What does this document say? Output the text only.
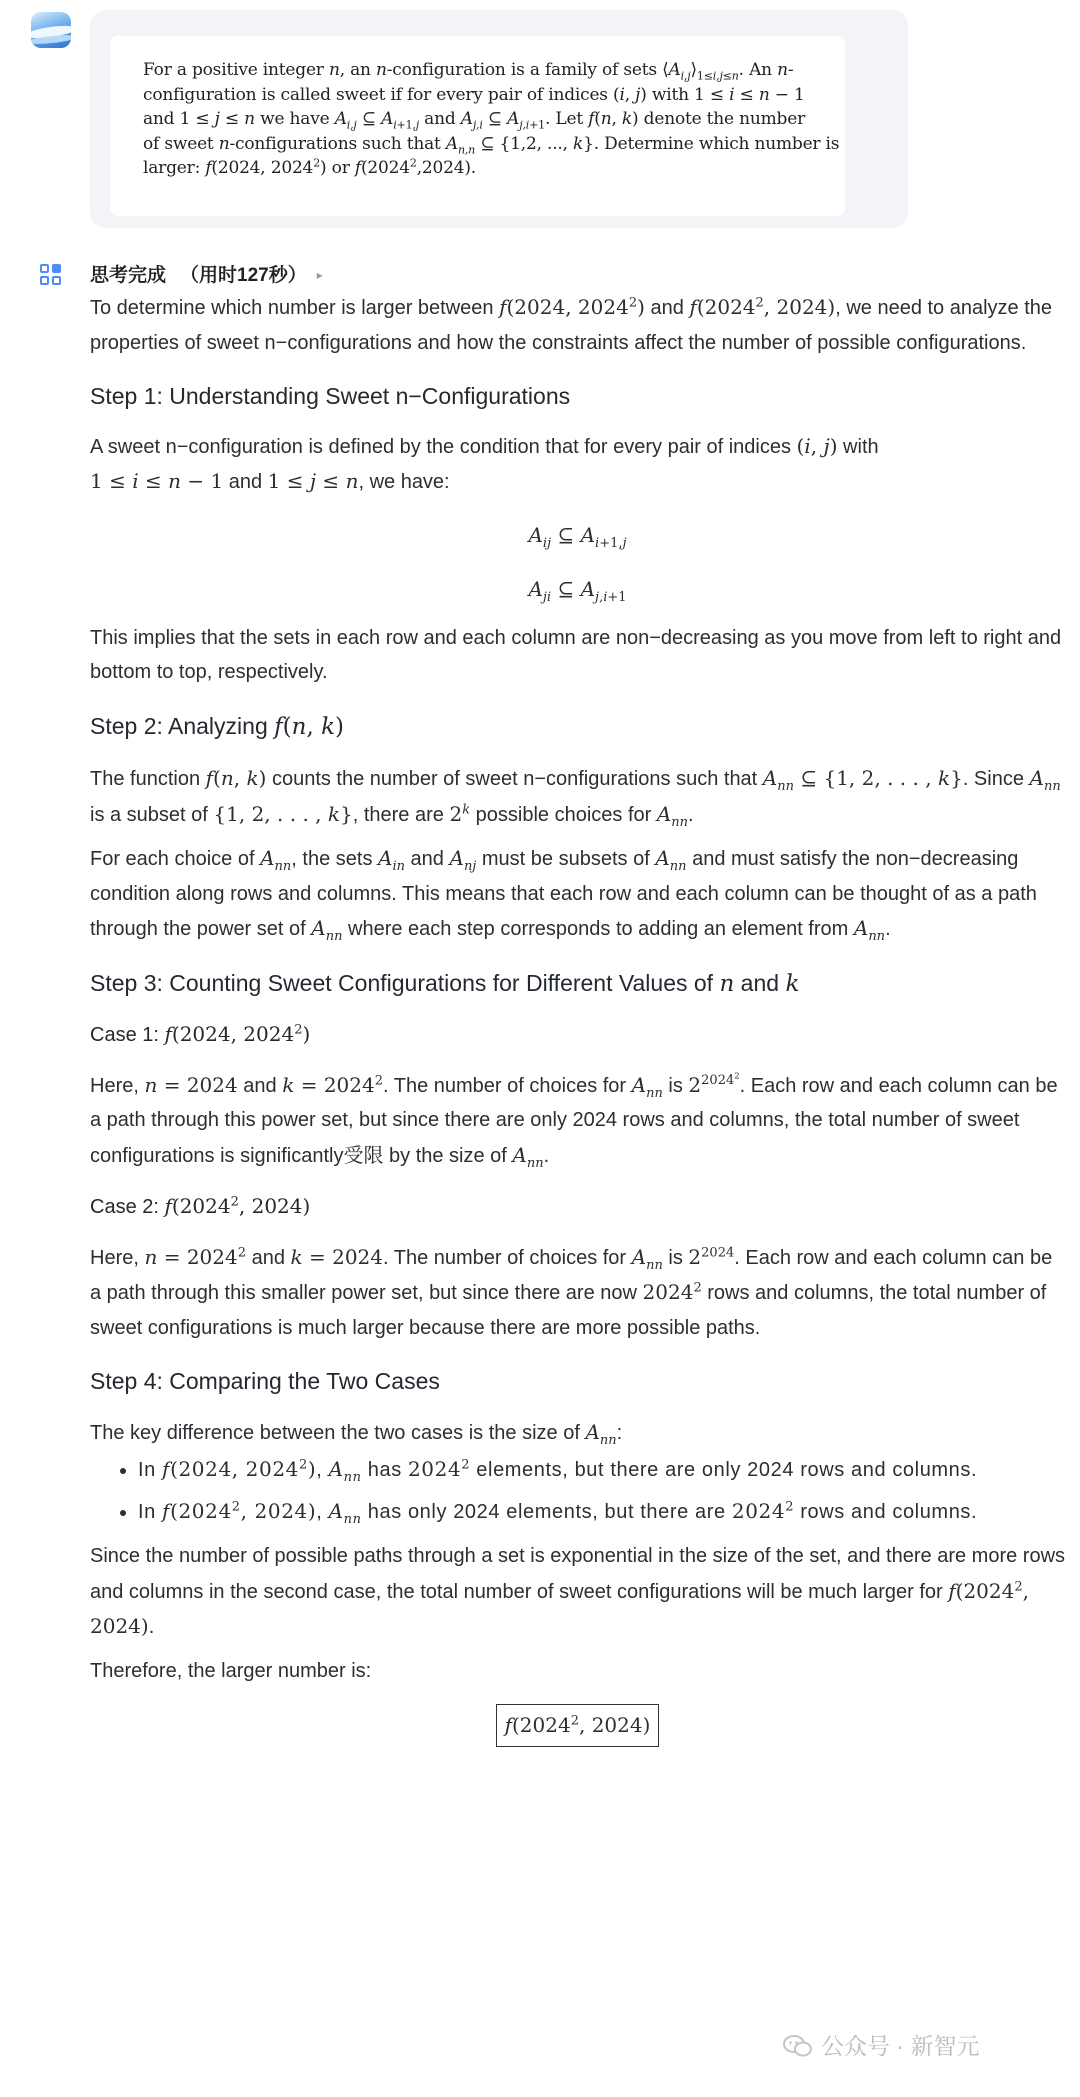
For a positive integer n, an n-configuration is a family of sets $⟨A_{i,j}⟩_{1\le i,j\le n}$. An n-

configuration is called sweet if for every pair of indices (i, j) with 1 ≤ i ≤ n − 1

and 1 ≤ j ≤ n we have $A_{i,j}$ ⊆ $A_{i+1,j}$ and $A_{j,i}$ ⊆ $A_{j,i+1}$. Let f(n, k) denote the number

of sweet n-configurations such that $A_{n,n}$ ⊆ {1,2, ..., k}. Determine which number is

larger: f(2024, 2024$^2$) or f(2024$^2$,2024).

思考完成 （用时127秒） ▸

To determine which number is larger between f(2024, 2024$^2$) and f(2024$^2$, 2024), we need to analyze the properties of sweet n−configurations and how the constraints affect the number of possible configurations.

Step 1: Understanding Sweet n−Configurations

A sweet n−configuration is defined by the condition that for every pair of indices (i, j) with
1 ≤ i ≤ n − 1 and 1 ≤ j ≤ n, we have:

$A_{ij}$ ⊆ $A_{i+1,j}$

$A_{ji}$ ⊆ $A_{j,i+1}$

This implies that the sets in each row and each column are non−decreasing as you move from left to right and bottom to top, respectively.

Step 2: Analyzing f(n, k)

The function f(n, k) counts the number of sweet n−configurations such that $A_{nn}$ ⊆ {1, 2, . . . , k}. Since $A_{nn}$ is a subset of {1, 2, . . . , k}, there are 2$^k$ possible choices for $A_{nn}$.

For each choice of $A_{nn}$, the sets $A_{in}$ and $A_{nj}$ must be subsets of $A_{nn}$ and must satisfy the non−decreasing condition along rows and columns. This means that each row and each column can be thought of as a path through the power set of $A_{nn}$ where each step corresponds to adding an element from $A_{nn}$.

Step 3: Counting Sweet Configurations for Different Values of n and k
Case 1: f(2024, 2024$^2$)

Here, n = 2024 and $k = 2024^2$. The number of choices for $A_{nn}$ is $2^{2024^2}$. Each row and each column can be a path through this power set, but since there are only 2024 rows and columns, the total number of sweet configurations is significantly受限 by the size of $A_{nn}$.

Case 2: f(2024$^2$, 2024)

Here, $n = 2024^2$ and k = 2024. The number of choices for $A_{nn}$ is $2^{2024}$. Each row and each column can be a path through this smaller power set, but since there are now 2024$^2$ rows and columns, the total number of sweet configurations is much larger because there are more possible paths.

Step 4: Comparing the Two Cases

The key difference between the two cases is the size of $A_{nn}$:

• In f(2024, 2024$^2$), $A_{nn}$ has 2024$^2$ elements, but there are only 2024 rows and columns.
• In f(2024$^2$, 2024), $A_{nn}$ has only 2024 elements, but there are 2024$^2$ rows and columns.

Since the number of possible paths through a set is exponential in the size of the set, and there are more rows and columns in the second case, the total number of sweet configurations will be much larger for f(2024$^2$, 2024).

Therefore, the larger number is:

f(2024$^2$, 2024)

公众号 · 新智元
